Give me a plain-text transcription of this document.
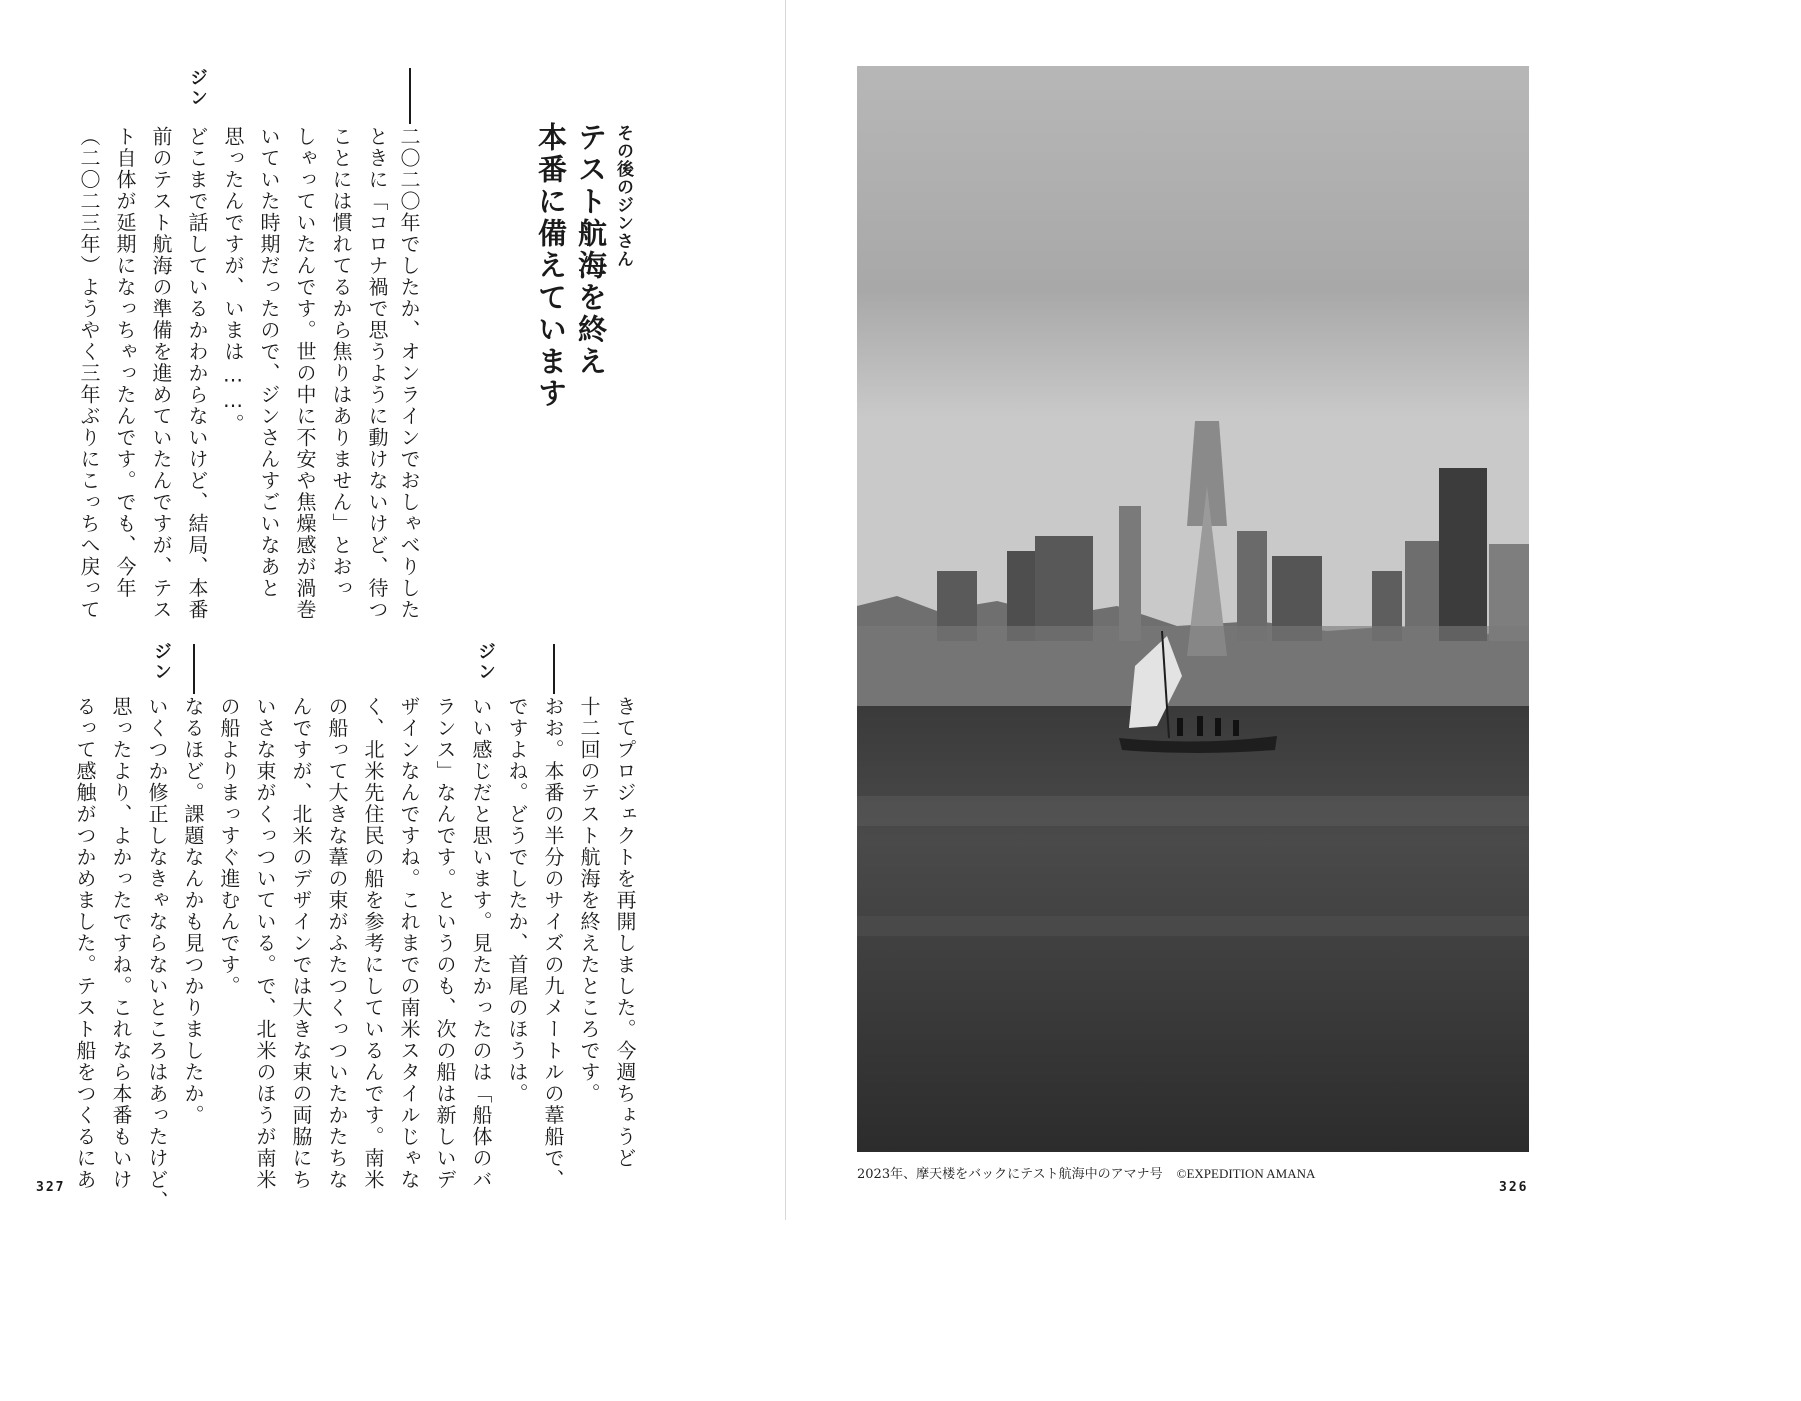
その後のジンさん
テスト航海を終え
本番に備えています
二〇二〇年でしたか、オンラインでおしゃべりした
ときに「コロナ禍で思うように動けないけど、待つ
ことには慣れてるから焦りはありません」とおっ
しゃっていたんです。世の中に不安や焦燥感が渦巻
いていた時期だったので、ジンさんすごいなあと
思ったんですが、いまは……。
ジン
どこまで話しているかわからないけど、結局、本番
前のテスト航海の準備を進めていたんですが、テス
ト自体が延期になっちゃったんです。でも、今年
（二〇二三年）ようやく三年ぶりにこっちへ戻って
きてプロジェクトを再開しました。今週ちょうど
十二回のテスト航海を終えたところです。
おお。本番の半分のサイズの九メートルの葦船で、
ですよね。どうでしたか、首尾のほうは。
ジン
いい感じだと思います。見たかったのは「船体のバ
ランス」なんです。というのも、次の船は新しいデ
ザインなんですね。これまでの南米スタイルじゃな
く、北米先住民の船を参考にしているんです。南米
の船って大きな葦の束がふたつくっついたかたちな
んですが、北米のデザインでは大きな束の両脇にち
いさな束がくっついている。で、北米のほうが南米
の船よりまっすぐ進むんです。
なるほど。課題なんかも見つかりましたか。
ジン
いくつか修正しなきゃならないところはあったけど、
思ったより、よかったですね。これなら本番もいけ
るって感触がつかめました。テスト船をつくるにあ
327
2023年、摩天楼をバックにテスト航海中のアマナ号 ©EXPEDITION AMANA
326
